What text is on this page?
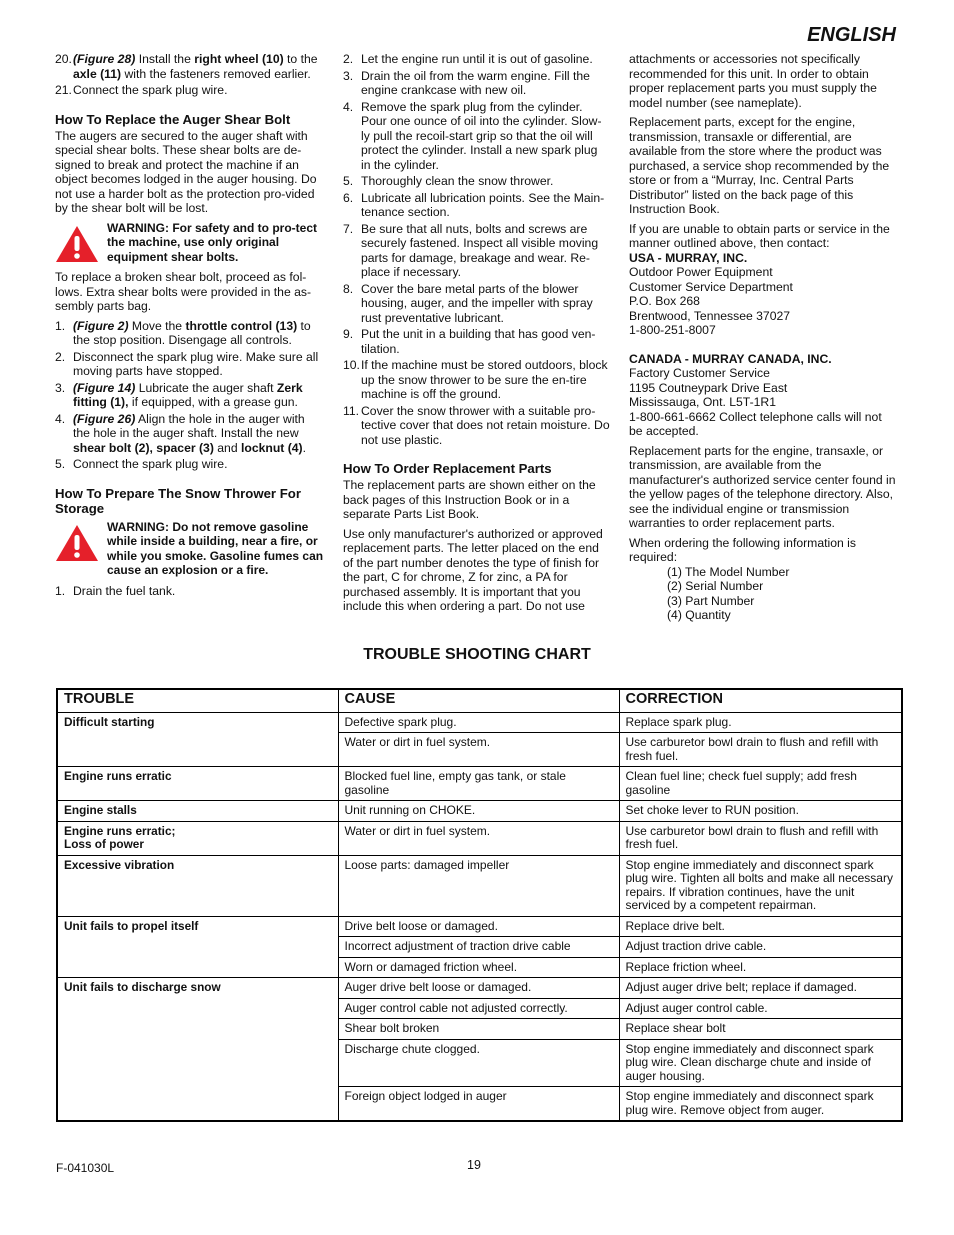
ENGLISH
20. (Figure 28) Install the right wheel (10) to the axle (11) with the fasteners removed earlier.
21. Connect the spark plug wire.
How To Replace the Auger Shear Bolt

The augers are secured to the auger shaft with special shear bolts. These shear bolts are de-signed to break and protect the machine if an object becomes lodged in the auger housing. Do not use a harder bolt as the protection pro-vided by the shear bolt will be lost.

WARNING: For safety and to pro-tect the machine, use only original equipment shear bolts.

To replace a broken shear bolt, proceed as fol-lows. Extra shear bolts were provided in the as-sembly parts bag.

1. (Figure 2) Move the throttle control (13) to the stop position. Disengage all controls.
2. Disconnect the spark plug wire. Make sure all moving parts have stopped.
3. (Figure 14) Lubricate the auger shaft Zerk fitting (1), if equipped, with a grease gun.
4. (Figure 26) Align the hole in the auger with the hole in the auger shaft. Install the new shear bolt (2), spacer (3) and locknut (4).
5. Connect the spark plug wire.
How To Prepare The Snow Thrower For Storage
WARNING: Do not remove gasoline while inside a building, near a fire, or while you smoke. Gasoline fumes can cause an explosion or a fire.
1. Drain the fuel tank.
2. Let the engine run until it is out of gasoline.
3. Drain the oil from the warm engine. Fill the engine crankcase with new oil.
4. Remove the spark plug from the cylinder. Pour one ounce of oil into the cylinder. Slow-ly pull the recoil-start grip so that the oil will protect the cylinder. Install a new spark plug in the cylinder.
5. Thoroughly clean the snow thrower.
6. Lubricate all lubrication points. See the Main-tenance section.
7. Be sure that all nuts, bolts and screws are securely fastened. Inspect all visible moving parts for damage, breakage and wear. Re-place if necessary.
8. Cover the bare metal parts of the blower housing, auger, and the impeller with spray rust preventative lubricant.
9. Put the unit in a building that has good ven-tilation.
10. If the machine must be stored outdoors, block up the snow thrower to be sure the en-tire machine is off the ground.
11. Cover the snow thrower with a suitable pro-tective cover that does not retain moisture. Do not use plastic.
How To Order Replacement Parts

The replacement parts are shown either on the back pages of this Instruction Book or in a separate Parts List Book.

Use only manufacturer's authorized or approved replacement parts. The letter placed on the end of the part number denotes the type of finish for the part, C for chrome, Z for zinc, a PA for purchased assembly. It is important that you include this when ordering a part. Do not use

attachments or accessories not specifically recommended for this unit. In order to obtain proper replacement parts you must supply the model number (see nameplate).

Replacement parts, except for the engine, transmission, transaxle or differential, are available from the store where the product was purchased, a service shop recommended by the store or from a “Murray, Inc. Central Parts Distributor” listed on the back page of this Instruction Book.

If you are unable to obtain parts or service in the manner outlined above, then contact:

USA - MURRAY, INC.
Outdoor Power Equipment
Customer Service Department
P.O. Box 268
Brentwood, Tennessee 37027
1-800-251-8007
CANADA - MURRAY CANADA, INC.
Factory Customer Service
1195 Coutneypark Drive East
Mississauga, Ont. L5T-1R1
1-800-661-6662 Collect telephone calls will not be accepted.

Replacement parts for the engine, transaxle, or transmission, are available from the manufacturer's authorized service center found in the yellow pages of the telephone directory. Also, see the individual engine or transmission warranties to order replacement parts.

When ordering the following information is required:

(1) The Model Number
(2) Serial Number
(3) Part Number
(4) Quantity
TROUBLE SHOOTING CHART
TROUBLE	CAUSE	CORRECTION
Difficult starting	Defective spark plug.	Replace spark plug.
	Water or dirt in fuel system.	Use carburetor bowl drain to flush and refill with fresh fuel.
Engine runs erratic	Blocked fuel line, empty gas tank, or stale gasoline	Clean fuel line; check fuel supply; add fresh gasoline
Engine stalls	Unit running on CHOKE.	Set choke lever to RUN position.
Engine runs erratic;
Loss of power	Water or dirt in fuel system.	Use carburetor bowl drain to flush and refill with fresh fuel.
Excessive vibration	Loose parts: damaged impeller	Stop engine immediately and disconnect spark plug wire. Tighten all bolts and make all necessary repairs. If vibration continues, have the unit serviced by a competent repairman.
Unit fails to propel itself	Drive belt loose or damaged.	Replace drive belt.
	Incorrect adjustment of traction drive cable	Adjust traction drive cable.
	Worn or damaged friction wheel.	Replace friction wheel.
Unit fails to discharge snow	Auger drive belt loose or damaged.	Adjust auger drive belt; replace if damaged.
	Auger control cable not adjusted correctly.	Adjust auger control cable.
	Shear bolt broken	Replace shear bolt
	Discharge chute clogged.	Stop engine immediately and disconnect spark plug wire. Clean discharge chute and inside of auger housing.
	Foreign object lodged in auger	Stop engine immediately and disconnect spark plug wire. Remove object from auger.
F-041030L	19
